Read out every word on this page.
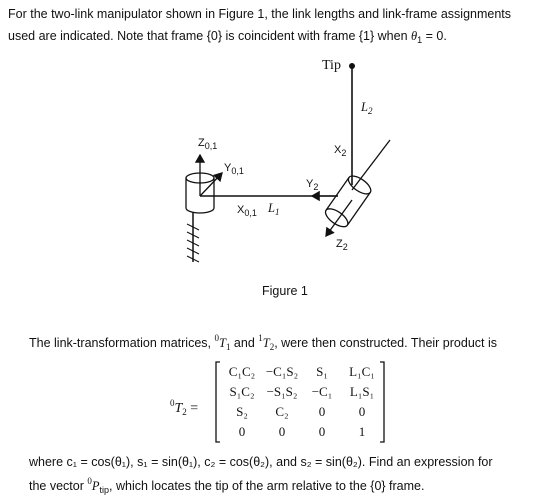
For the two-link manipulator shown in Figure 1, the link lengths and link-frame assignments
used are indicated. Note that frame {0} is coincident with frame {1} when $\theta_1 = 0$.
Tip
$L_2$
$Z_{0,1}$
$Y_{0,1}$
$X_{0,1}$ $L_1$
$X_2$
$Y_2$
$Z_2$
Figure 1
The link-transformation matrices, $^0T_1$ and $^1T_2$, were then constructed. Their product is
$^0T_2$ =
C₁C₂ −C₁S₂	S₁	L₁C₁
S₁C₂ −S₁S₂	−C₁	L₁S₁
S₂	C₂	0	0
0	0	0	1
where c₁ = cos(θ₁), s₁ = sin(θ₁), c₂ = cos(θ₂), and s₂ = sin(θ₂). Find an expression for
the vector $^0P_{tip}$, which locates the tip of the arm relative to the {0} frame.
